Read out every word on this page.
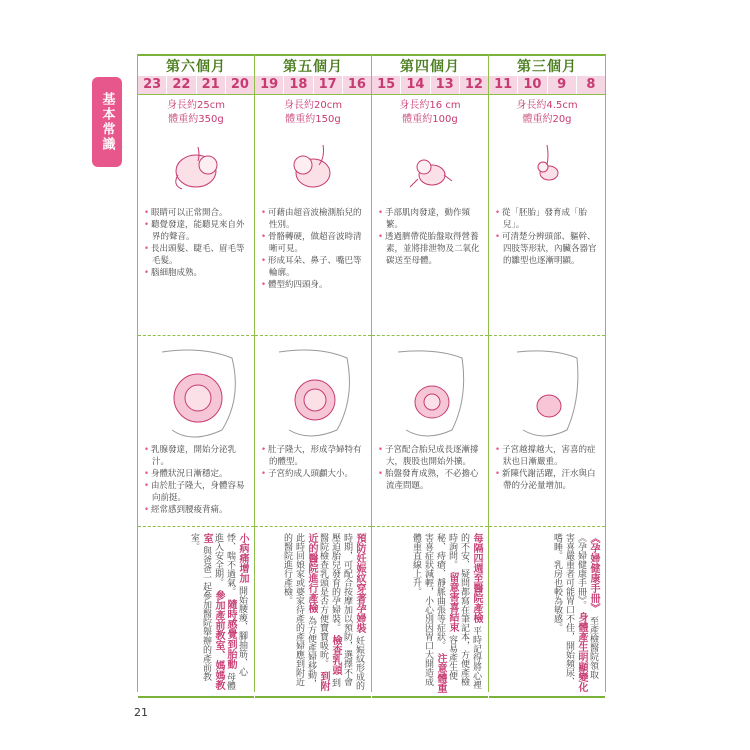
基本常識
第六個月
23 22 21 20
身長約25cm
體重約350g
• 眼睛可以正常開合。
• 聽覺發達，能聽見來自外界的聲音。
• 長出頭髮、睫毛、眉毛等毛髮。
• 腦細胞成熟。
• 乳腺發達，開始分泌乳汁。
• 身體狀況日漸穩定。
• 由於肚子隆大，身體容易向前挺。
• 經常感到腰痠背痛。
小病痛增加 開始腰痠、腳抽筋、心悸、喘不過氣。 隨時感覺到胎動 母體進入安全期。 參加產前教室、媽媽教室 與爸爸一起參加醫院舉辦的產前教室。
第五個月
19 18 17 16
身長約20cm
體重約150g
• 可藉由超音波檢測胎兒的性別。
• 骨骼轉硬，做超音波時清晰可見。
• 形成耳朵、鼻子、嘴巴等輪廓。
• 體型約四頭身。
• 肚子隆大，形成孕婦特有的體型。
• 子宮約成人頭顱大小。
預防妊娠紋穿著孕婦裝 妊娠紋形成的時期，可配合按摩加以預防，選擇不會壓迫胎兒發育的孕婦裝。 檢查乳頭 到醫院檢查乳頭是否方便寶寶吸吮。 到附近的醫院進行產檢 為方便產婦移動，此時回娘家或婆家待產的產婦應到附近的醫院進行產檢。
第四個月
15 14 13 12
身長約16 cm
體重約100g
• 手部肌肉發達，動作頻繁。
• 透過臍帶從胎盤取得營養素，並將排泄物及二氧化碳送至母體。
• 子宮配合胎兒成長逐漸撐大，腹股也開始外擴。
• 胎盤發育成熟，不必擔心流產問題。
每隔四週至醫院產檢 平時記得將心裡的不安、疑問都寫在筆記本，方便產檢時詢問。 留意害喜結束 容易產生便秘、痔瘡、靜脈曲張等症狀。 注意體重 害喜症狀減輕，小心別因胃口大開造成體重直線上升。
第三個月
11 10	9	8
身長約4.5cm
體重約20g
• 從「胚胎」發育成「胎兒」。
• 可清楚分辨頭部、軀幹、四肢等形狀，內臟各器官的雛型也逐漸明顯。
• 子宮越撐越大，害喜的症狀也日漸嚴重。
• 新陳代謝活躍，汗水與白帶的分泌量增加。
《孕婦健康手冊》 至產檢醫院領取《孕婦健康手冊》。 身體產生明顯變化 害喜嚴重者可能胃口不佳，開始頻尿、嗜睡。乳房也較為敏感。
21
